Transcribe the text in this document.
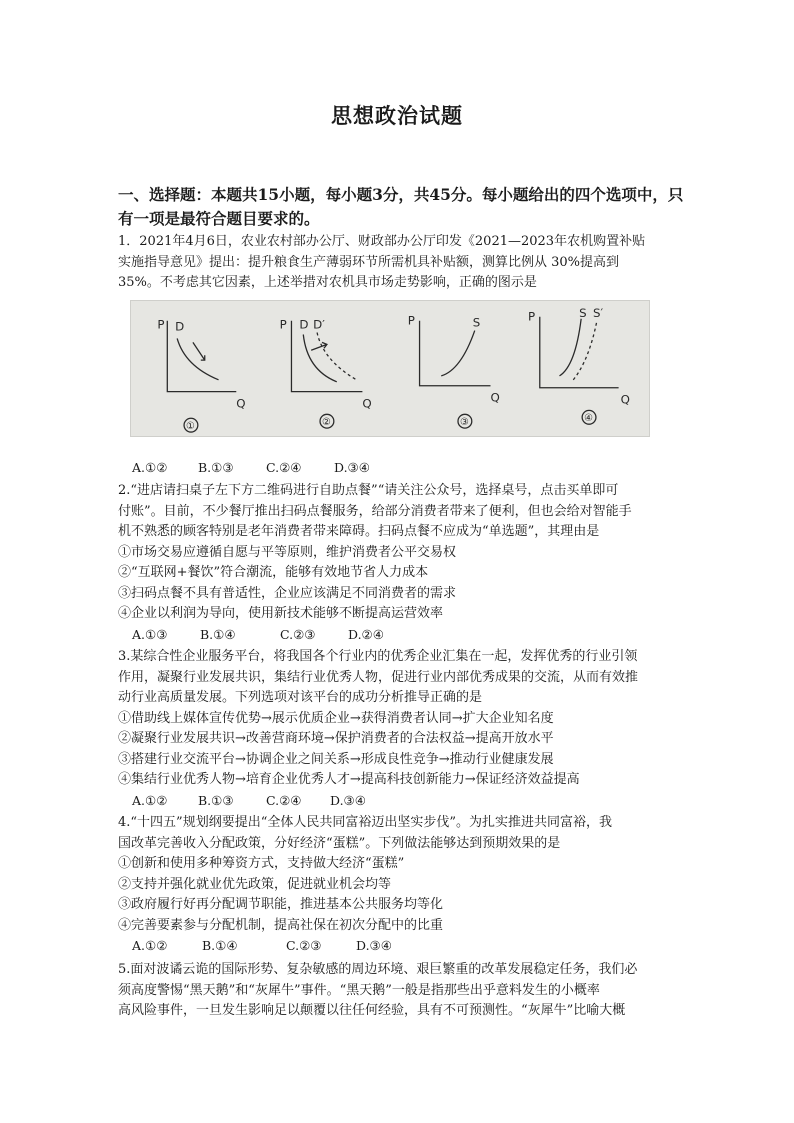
思想政治试题
一、选择题：本题共15小题，每小题3分，共45分。每小题给出的四个选项中，只有一项是最符合题目要求的。

1．2021年4月6日，农业农村部办公厅、财政部办公厅印发《2021—2023年农机购置补贴

实施指导意见》提出：提升粮食生产薄弱环节所需机具补贴额，测算比例从 30%提高到

35%。不考虑其它因素，上述举措对农机具市场走势影响，正确的图示是

P
Q
D
①
P
Q
D D′
②
P
Q
S
③
P
Q
S S′
④
A.①② B.①③	C.②④	D.③④

2.“进店请扫桌子左下方二维码进行自助点餐”“请关注公众号，选择桌号，点击买单即可

付账”。目前，不少餐厅推出扫码点餐服务，给部分消费者带来了便利，但也会给对智能手

机不熟悉的顾客特别是老年消费者带来障碍。扫码点餐不应成为“单选题”，其理由是

①市场交易应遵循自愿与平等原则，维护消费者公平交易权

②“互联网+餐饮”符合潮流，能够有效地节省人力成本

③扫码点餐不具有普适性，企业应该满足不同消费者的需求

④企业以利润为导向，使用新技术能够不断提高运营效率

A.①③	B.①④	C.②③	D.②④

3.某综合性企业服务平台，将我国各个行业内的优秀企业汇集在一起，发挥优秀的行业引领

作用，凝聚行业发展共识，集结行业优秀人物，促进行业内部优秀成果的交流，从而有效推

动行业高质量发展。下列选项对该平台的成功分析推导正确的是

①借助线上媒体宣传优势→展示优质企业→获得消费者认同→扩大企业知名度

②凝聚行业发展共识→改善营商环境→保护消费者的合法权益→提高开放水平

③搭建行业交流平台→协调企业之间关系→形成良性竞争→推动行业健康发展

④集结行业优秀人物→培育企业优秀人才→提高科技创新能力→保证经济效益提高

A.①② B.①③	C.②④ D.③④

4.“十四五”规划纲要提出“全体人民共同富裕迈出坚实步伐”。为扎实推进共同富裕，我

国改革完善收入分配政策，分好经济“蛋糕”。下列做法能够达到预期效果的是

①创新和使用多种筹资方式，支持做大经济“蛋糕”

②支持并强化就业优先政策，促进就业机会均等

③政府履行好再分配调节职能，推进基本公共服务均等化

④完善要素参与分配机制，提高社保在初次分配中的比重

A.①②	B.①④	C.②③	D.③④

5.面对波谲云诡的国际形势、复杂敏感的周边环境、艰巨繁重的改革发展稳定任务，我们必

须高度警惕“黑天鹅”和“灰犀牛”事件。“黑天鹅”一般是指那些出乎意料发生的小概率

高风险事件，一旦发生影响足以颠覆以往任何经验，具有不可预测性。“灰犀牛”比喻大概
